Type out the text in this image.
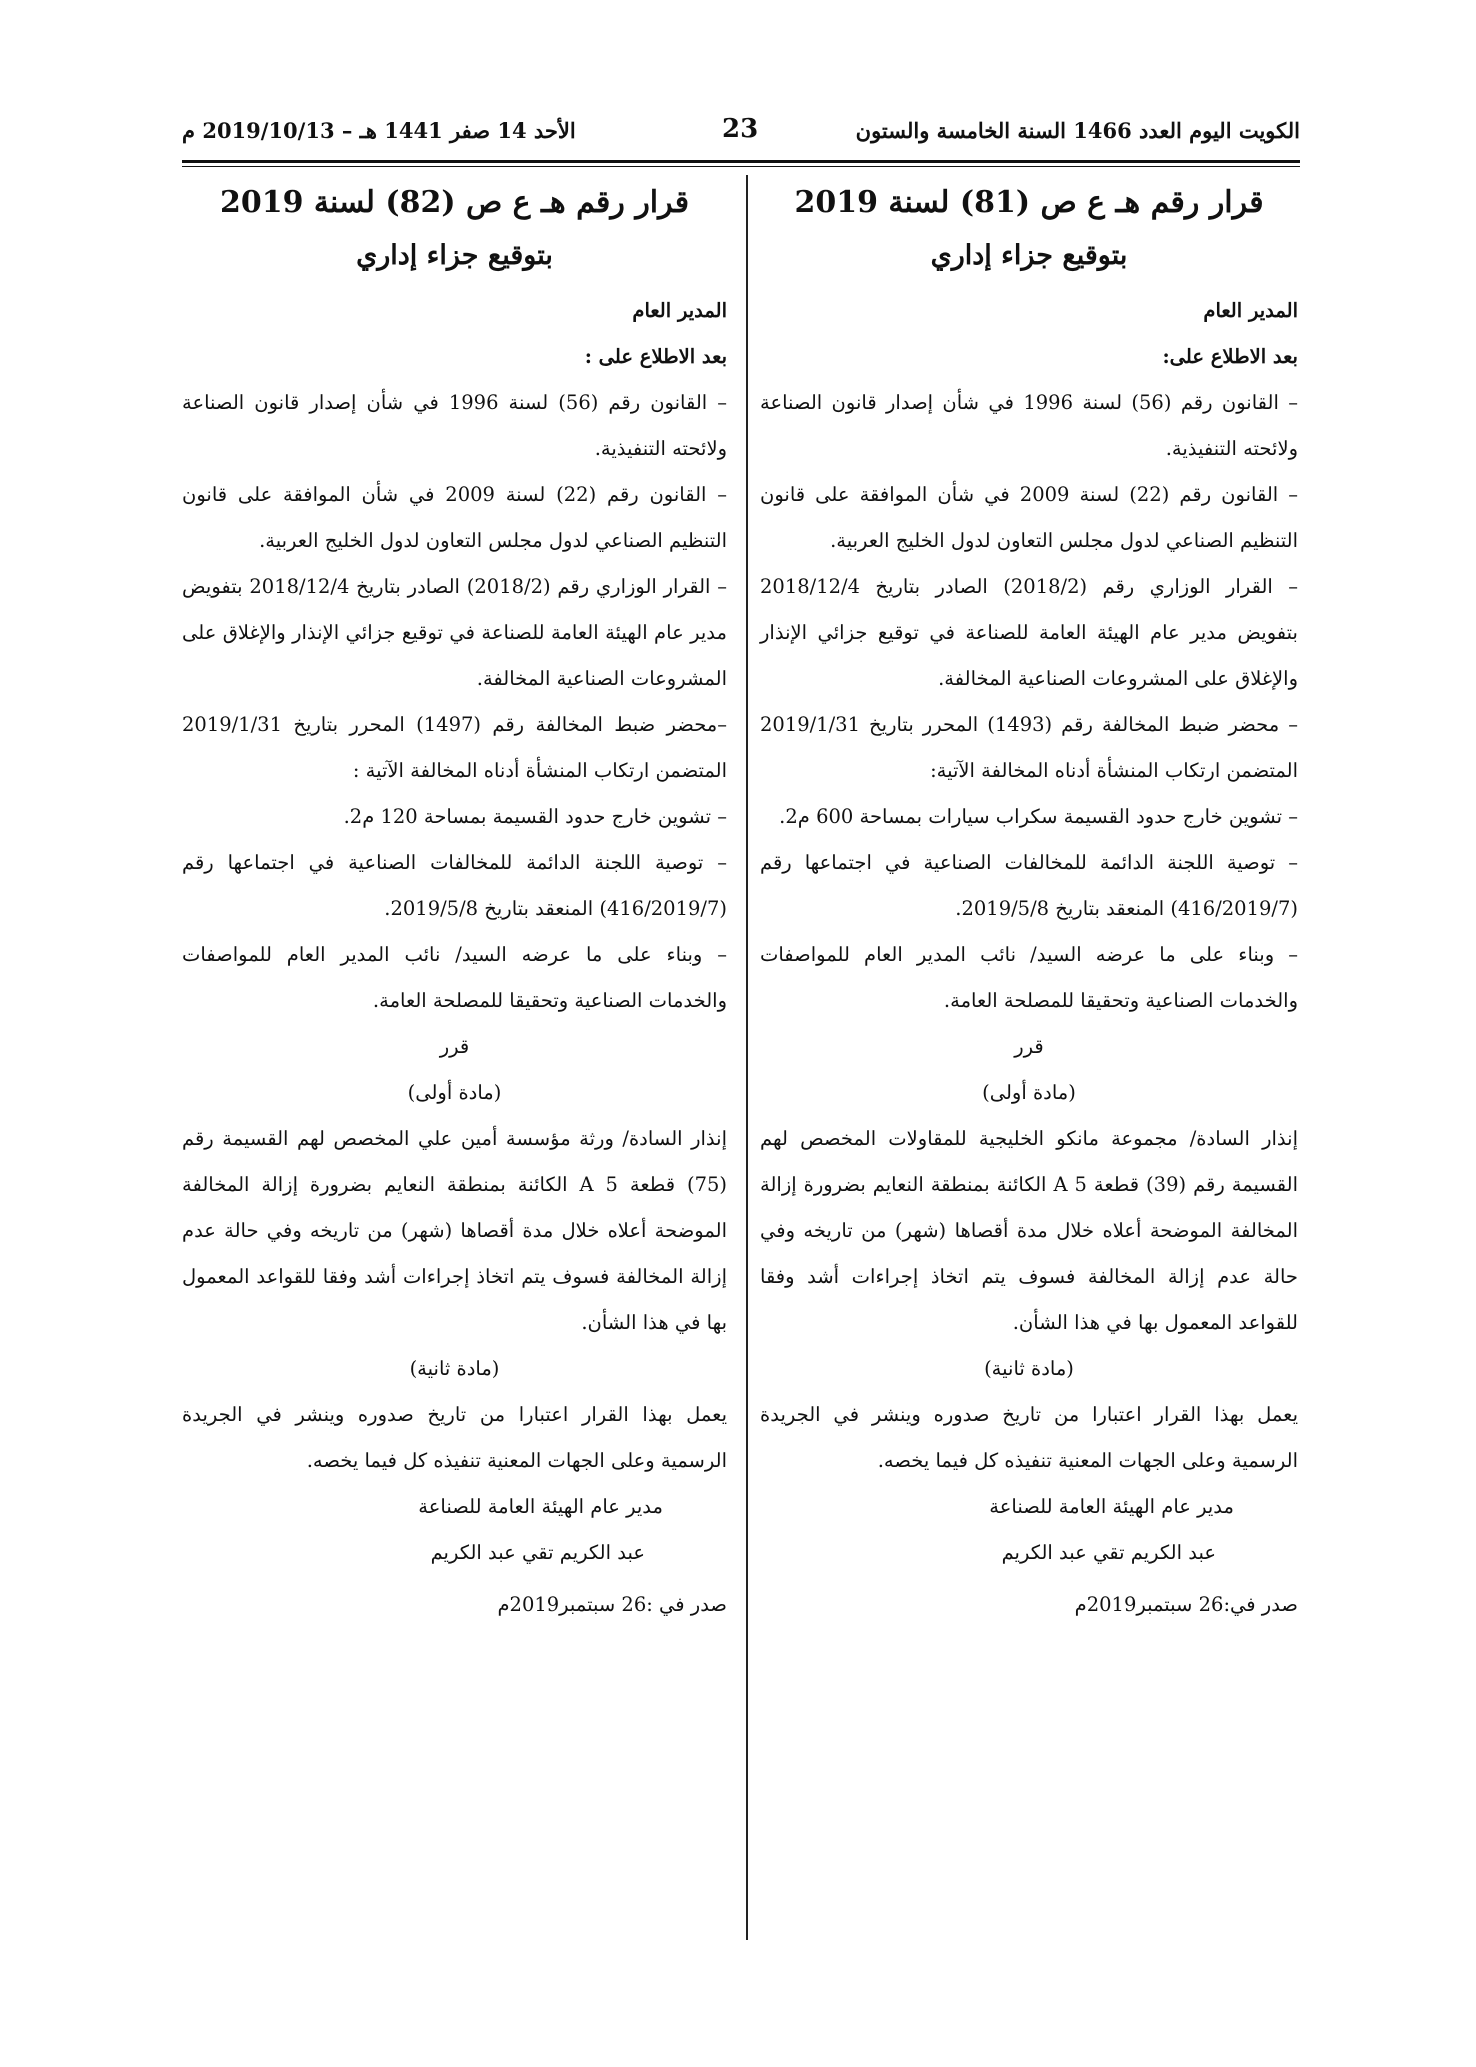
الكويت اليوم العدد 1466 السنة الخامسة والستون
23
الأحد 14 صفر 1441 هـ – 2019/10/13 م
قرار رقم هـ ع ص (81) لسنة 2019
بتوقيع جزاء إداري

المدير العام

بعد الاطلاع على:

– القانون رقم (56) لسنة 1996 في شأن إصدار قانون الصناعة ولائحته التنفيذية.

– القانون رقم (22) لسنة 2009 في شأن الموافقة على قانون التنظيم الصناعي لدول مجلس التعاون لدول الخليج العربية.

– القرار الوزاري رقم (2018/2) الصادر بتاريخ 2018/12/4 بتفويض مدير عام الهيئة العامة للصناعة في توقيع جزائي الإنذار والإغلاق على المشروعات الصناعية المخالفة.

– محضر ضبط المخالفة رقم (1493) المحرر بتاريخ 2019/1/31 المتضمن ارتكاب المنشأة أدناه المخالفة الآتية:

– تشوين خارج حدود القسيمة سكراب سيارات بمساحة 600 م2.

– توصية اللجنة الدائمة للمخالفات الصناعية في اجتماعها رقم (416/2019/7) المنعقد بتاريخ 2019/5/8.

– وبناء على ما عرضه السيد/ نائب المدير العام للمواصفات والخدمات الصناعية وتحقيقا للمصلحة العامة.

قرر

(مادة أولى)

إنذار السادة/ مجموعة مانكو الخليجية للمقاولات المخصص لهم القسيمة رقم (39) قطعة A 5 الكائنة بمنطقة النعايم بضرورة إزالة المخالفة الموضحة أعلاه خلال مدة أقصاها (شهر) من تاريخه وفي حالة عدم إزالة المخالفة فسوف يتم اتخاذ إجراءات أشد وفقا للقواعد المعمول بها في هذا الشأن.

(مادة ثانية)

يعمل بهذا القرار اعتبارا من تاريخ صدوره وينشر في الجريدة الرسمية وعلى الجهات المعنية تنفيذه كل فيما يخصه.

مدير عام الهيئة العامة للصناعة

عبد الكريم تقي عبد الكريم

صدر في:26 سبتمبر2019م

قرار رقم هـ ع ص (82) لسنة 2019
بتوقيع جزاء إداري

المدير العام

بعد الاطلاع على :

– القانون رقم (56) لسنة 1996 في شأن إصدار قانون الصناعة ولائحته التنفيذية.

– القانون رقم (22) لسنة 2009 في شأن الموافقة على قانون التنظيم الصناعي لدول مجلس التعاون لدول الخليج العربية.

– القرار الوزاري رقم (2018/2) الصادر بتاريخ 2018/12/4 بتفويض مدير عام الهيئة العامة للصناعة في توقيع جزائي الإنذار والإغلاق على المشروعات الصناعية المخالفة.

–محضر ضبط المخالفة رقم (1497) المحرر بتاريخ 2019/1/31 المتضمن ارتكاب المنشأة أدناه المخالفة الآتية :

– تشوين خارج حدود القسيمة بمساحة 120 م2.

– توصية اللجنة الدائمة للمخالفات الصناعية في اجتماعها رقم (416/2019/7) المنعقد بتاريخ 2019/5/8.

– وبناء على ما عرضه السيد/ نائب المدير العام للمواصفات والخدمات الصناعية وتحقيقا للمصلحة العامة.

قرر

(مادة أولى)

إنذار السادة/ ورثة مؤسسة أمين علي المخصص لهم القسيمة رقم (75) قطعة A 5 الكائنة بمنطقة النعايم بضرورة إزالة المخالفة الموضحة أعلاه خلال مدة أقصاها (شهر) من تاريخه وفي حالة عدم إزالة المخالفة فسوف يتم اتخاذ إجراءات أشد وفقا للقواعد المعمول بها في هذا الشأن.

(مادة ثانية)

يعمل بهذا القرار اعتبارا من تاريخ صدوره وينشر في الجريدة الرسمية وعلى الجهات المعنية تنفيذه كل فيما يخصه.

مدير عام الهيئة العامة للصناعة

عبد الكريم تقي عبد الكريم

صدر في :26 سبتمبر2019م
